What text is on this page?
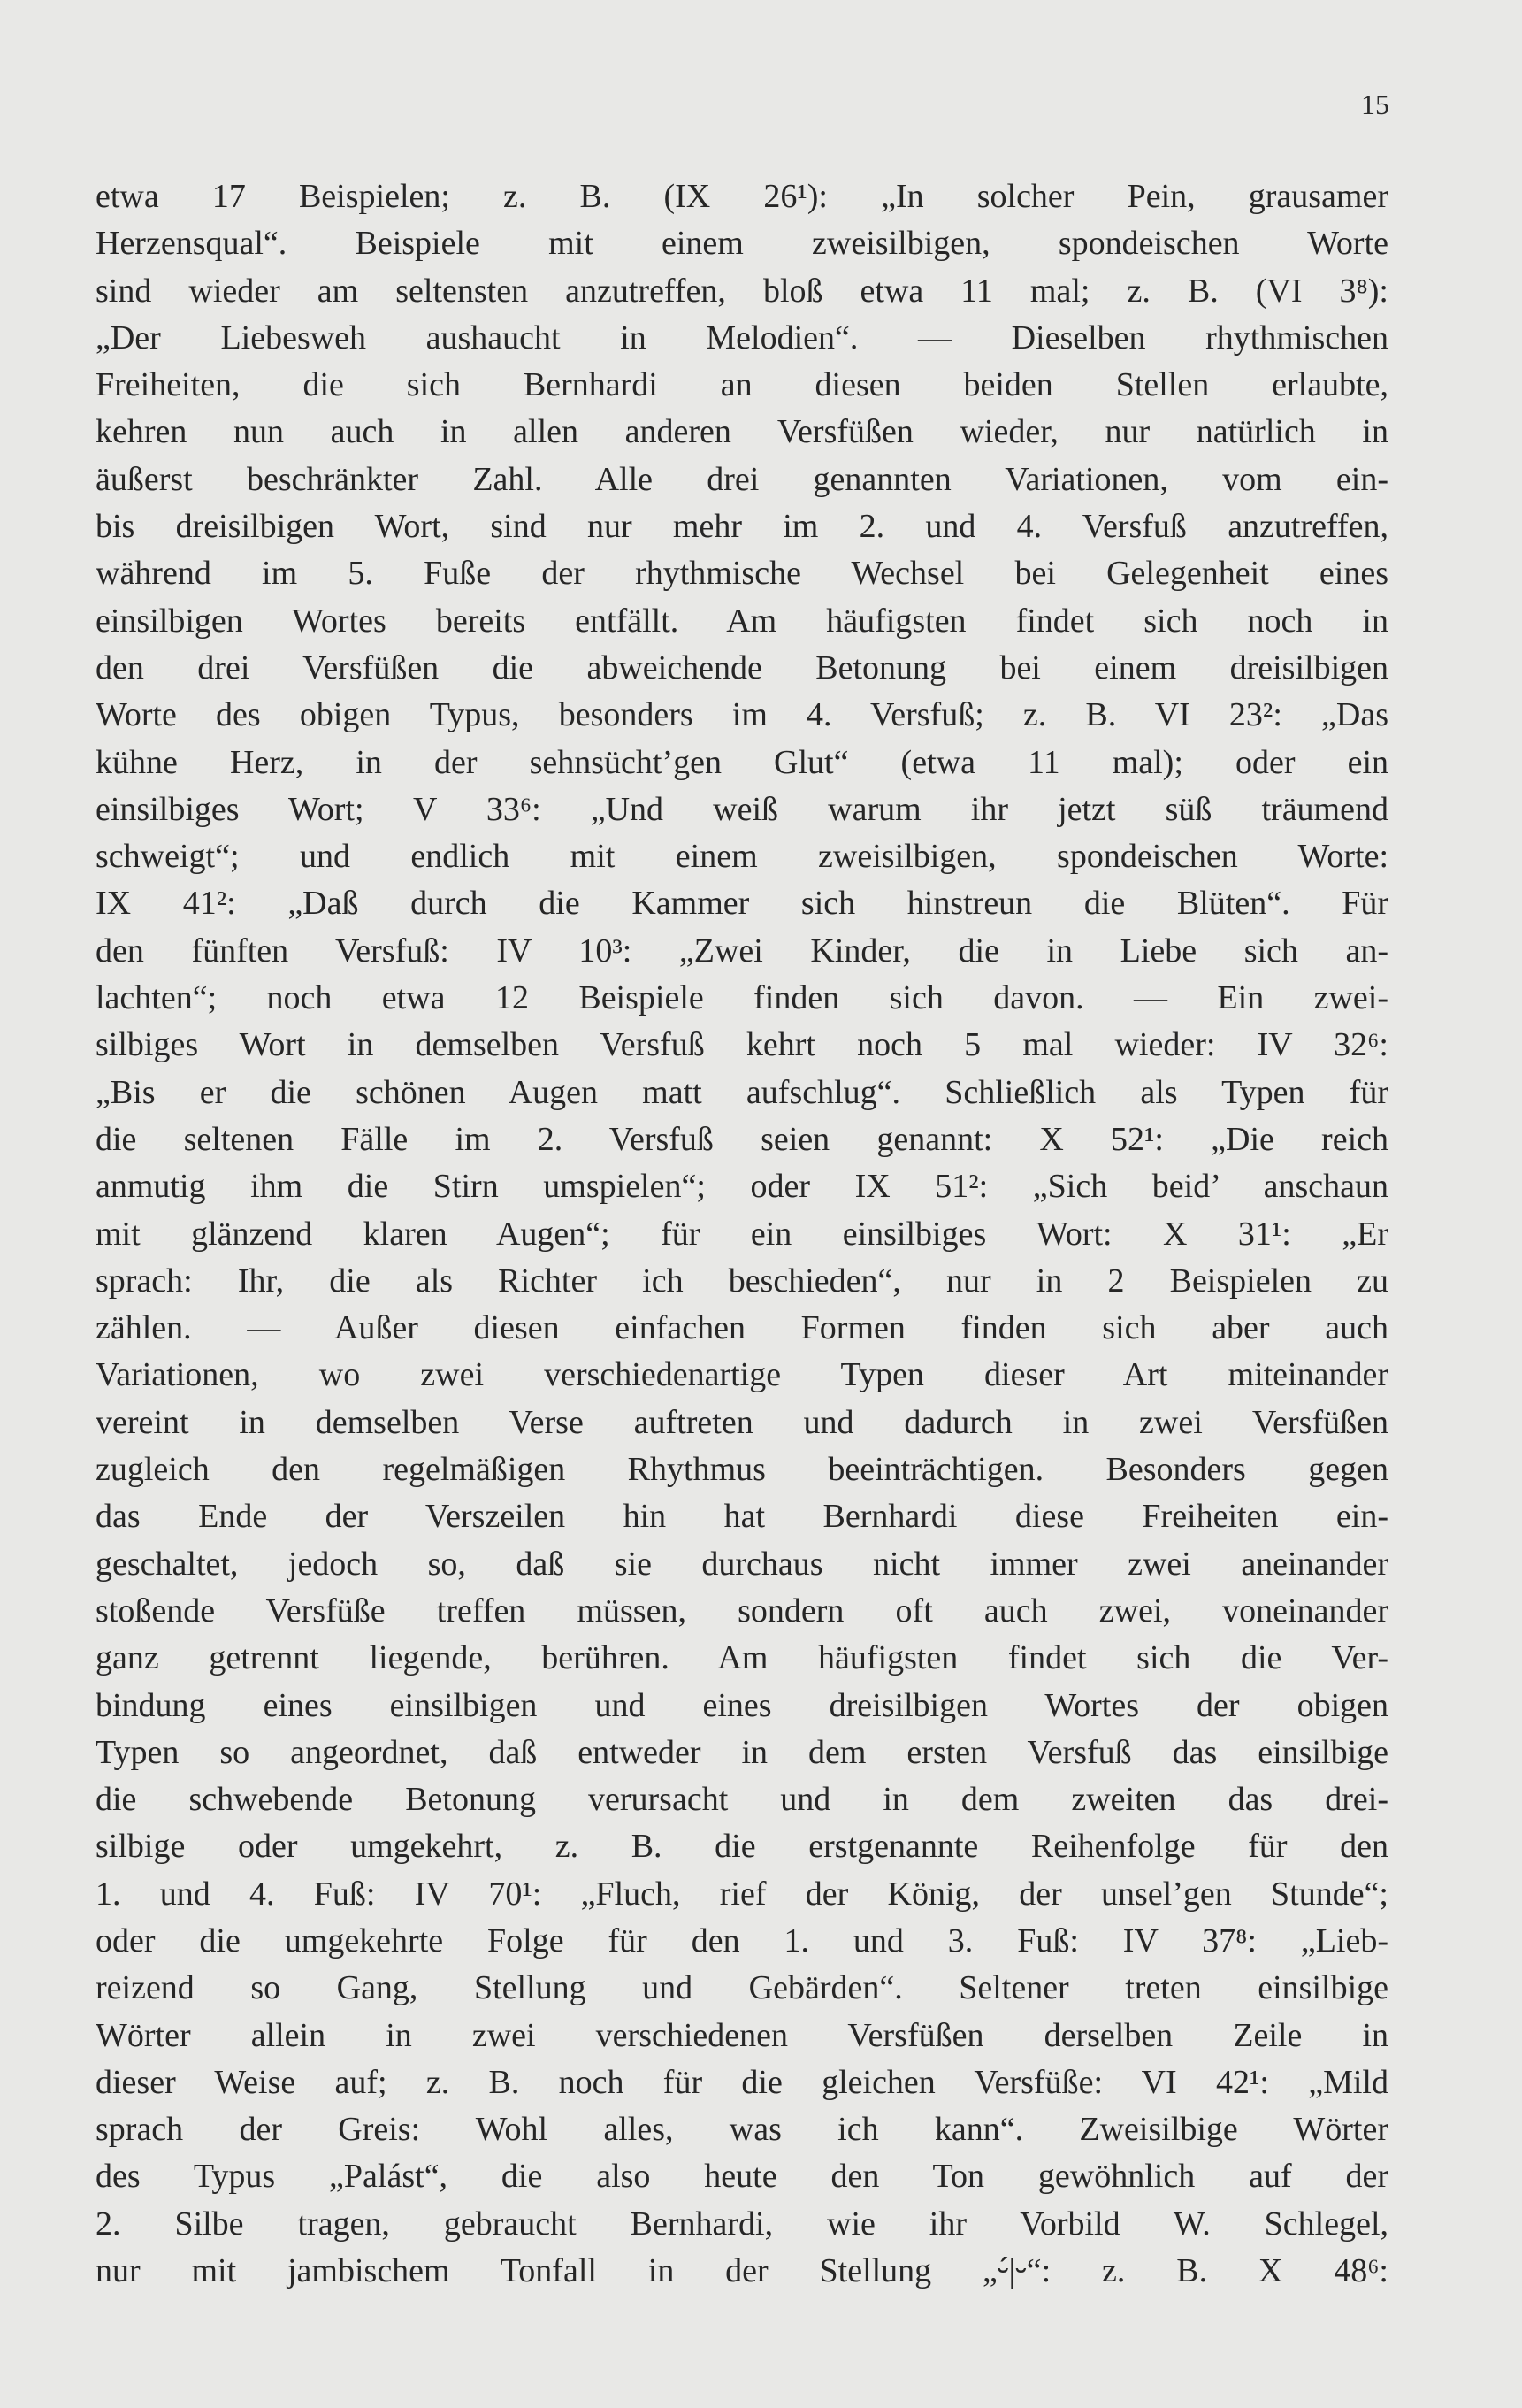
15
etwa 17 Beispielen; z. B. (IX 26¹): „In solcher Pein, grausamer
Herzensqual“. Beispiele mit einem zweisilbigen, spondeischen Worte
sind wieder am seltensten anzutreffen, bloß etwa 11 mal; z. B. (VI 3⁸):
„Der Liebesweh aushaucht in Melodien“. — Dieselben rhythmischen
Freiheiten, die sich Bernhardi an diesen beiden Stellen erlaubte,
kehren nun auch in allen anderen Versfüßen wieder, nur natürlich in
äußerst beschränkter Zahl. Alle drei genannten Variationen, vom ein-
bis dreisilbigen Wort, sind nur mehr im 2. und 4. Versfuß anzutreffen,
während im 5. Fuße der rhythmische Wechsel bei Gelegenheit eines
einsilbigen Wortes bereits entfällt. Am häufigsten findet sich noch in
den drei Versfüßen die abweichende Betonung bei einem dreisilbigen
Worte des obigen Typus, besonders im 4. Versfuß; z. B. VI 23²: „Das
kühne Herz, in der sehnsücht’gen Glut“ (etwa 11 mal); oder ein
einsilbiges Wort; V 33⁶: „Und weiß warum ihr jetzt süß träumend
schweigt“; und endlich mit einem zweisilbigen, spondeischen Worte:
IX 41²: „Daß durch die Kammer sich hinstreun die Blüten“. Für
den fünften Versfuß: IV 10³: „Zwei Kinder, die in Liebe sich an-
lachten“; noch etwa 12 Beispiele finden sich davon. — Ein zwei-
silbiges Wort in demselben Versfuß kehrt noch 5 mal wieder: IV 32⁶:
„Bis er die schönen Augen matt aufschlug“. Schließlich als Typen für
die seltenen Fälle im 2. Versfuß seien genannt: X 52¹: „Die reich
anmutig ihm die Stirn umspielen“; oder IX 51²: „Sich beid’ anschaun
mit glänzend klaren Augen“; für ein einsilbiges Wort: X 31¹: „Er
sprach: Ihr, die als Richter ich beschieden“, nur in 2 Beispielen zu
zählen. — Außer diesen einfachen Formen finden sich aber auch
Variationen, wo zwei verschiedenartige Typen dieser Art miteinander
vereint in demselben Verse auftreten und dadurch in zwei Versfüßen
zugleich den regelmäßigen Rhythmus beeinträchtigen. Besonders gegen
das Ende der Verszeilen hin hat Bernhardi diese Freiheiten ein-
geschaltet, jedoch so, daß sie durchaus nicht immer zwei aneinander
stoßende Versfüße treffen müssen, sondern oft auch zwei, voneinander
ganz getrennt liegende, berühren. Am häufigsten findet sich die Ver-
bindung eines einsilbigen und eines dreisilbigen Wortes der obigen
Typen so angeordnet, daß entweder in dem ersten Versfuß das einsilbige
die schwebende Betonung verursacht und in dem zweiten das drei-
silbige oder umgekehrt, z. B. die erstgenannte Reihenfolge für den
1. und 4. Fuß: IV 70¹: „Fluch, rief der König, der unsel’gen Stunde“;
oder die umgekehrte Folge für den 1. und 3. Fuß: IV 37⁸: „Lieb-
reizend so Gang, Stellung und Gebärden“. Seltener treten einsilbige
Wörter allein in zwei verschiedenen Versfüßen derselben Zeile in
dieser Weise auf; z. B. noch für die gleichen Versfüße: VI 42¹: „Mild
sprach der Greis: Wohl alles, was ich kann“. Zweisilbige Wörter
des Typus „Palást“, die also heute den Ton gewöhnlich auf der
2. Silbe tragen, gebraucht Bernhardi, wie ihr Vorbild W. Schlegel,
nur mit jambischem Tonfall in der Stellung „⏑́|⏑“: z. B. X 48⁶:
